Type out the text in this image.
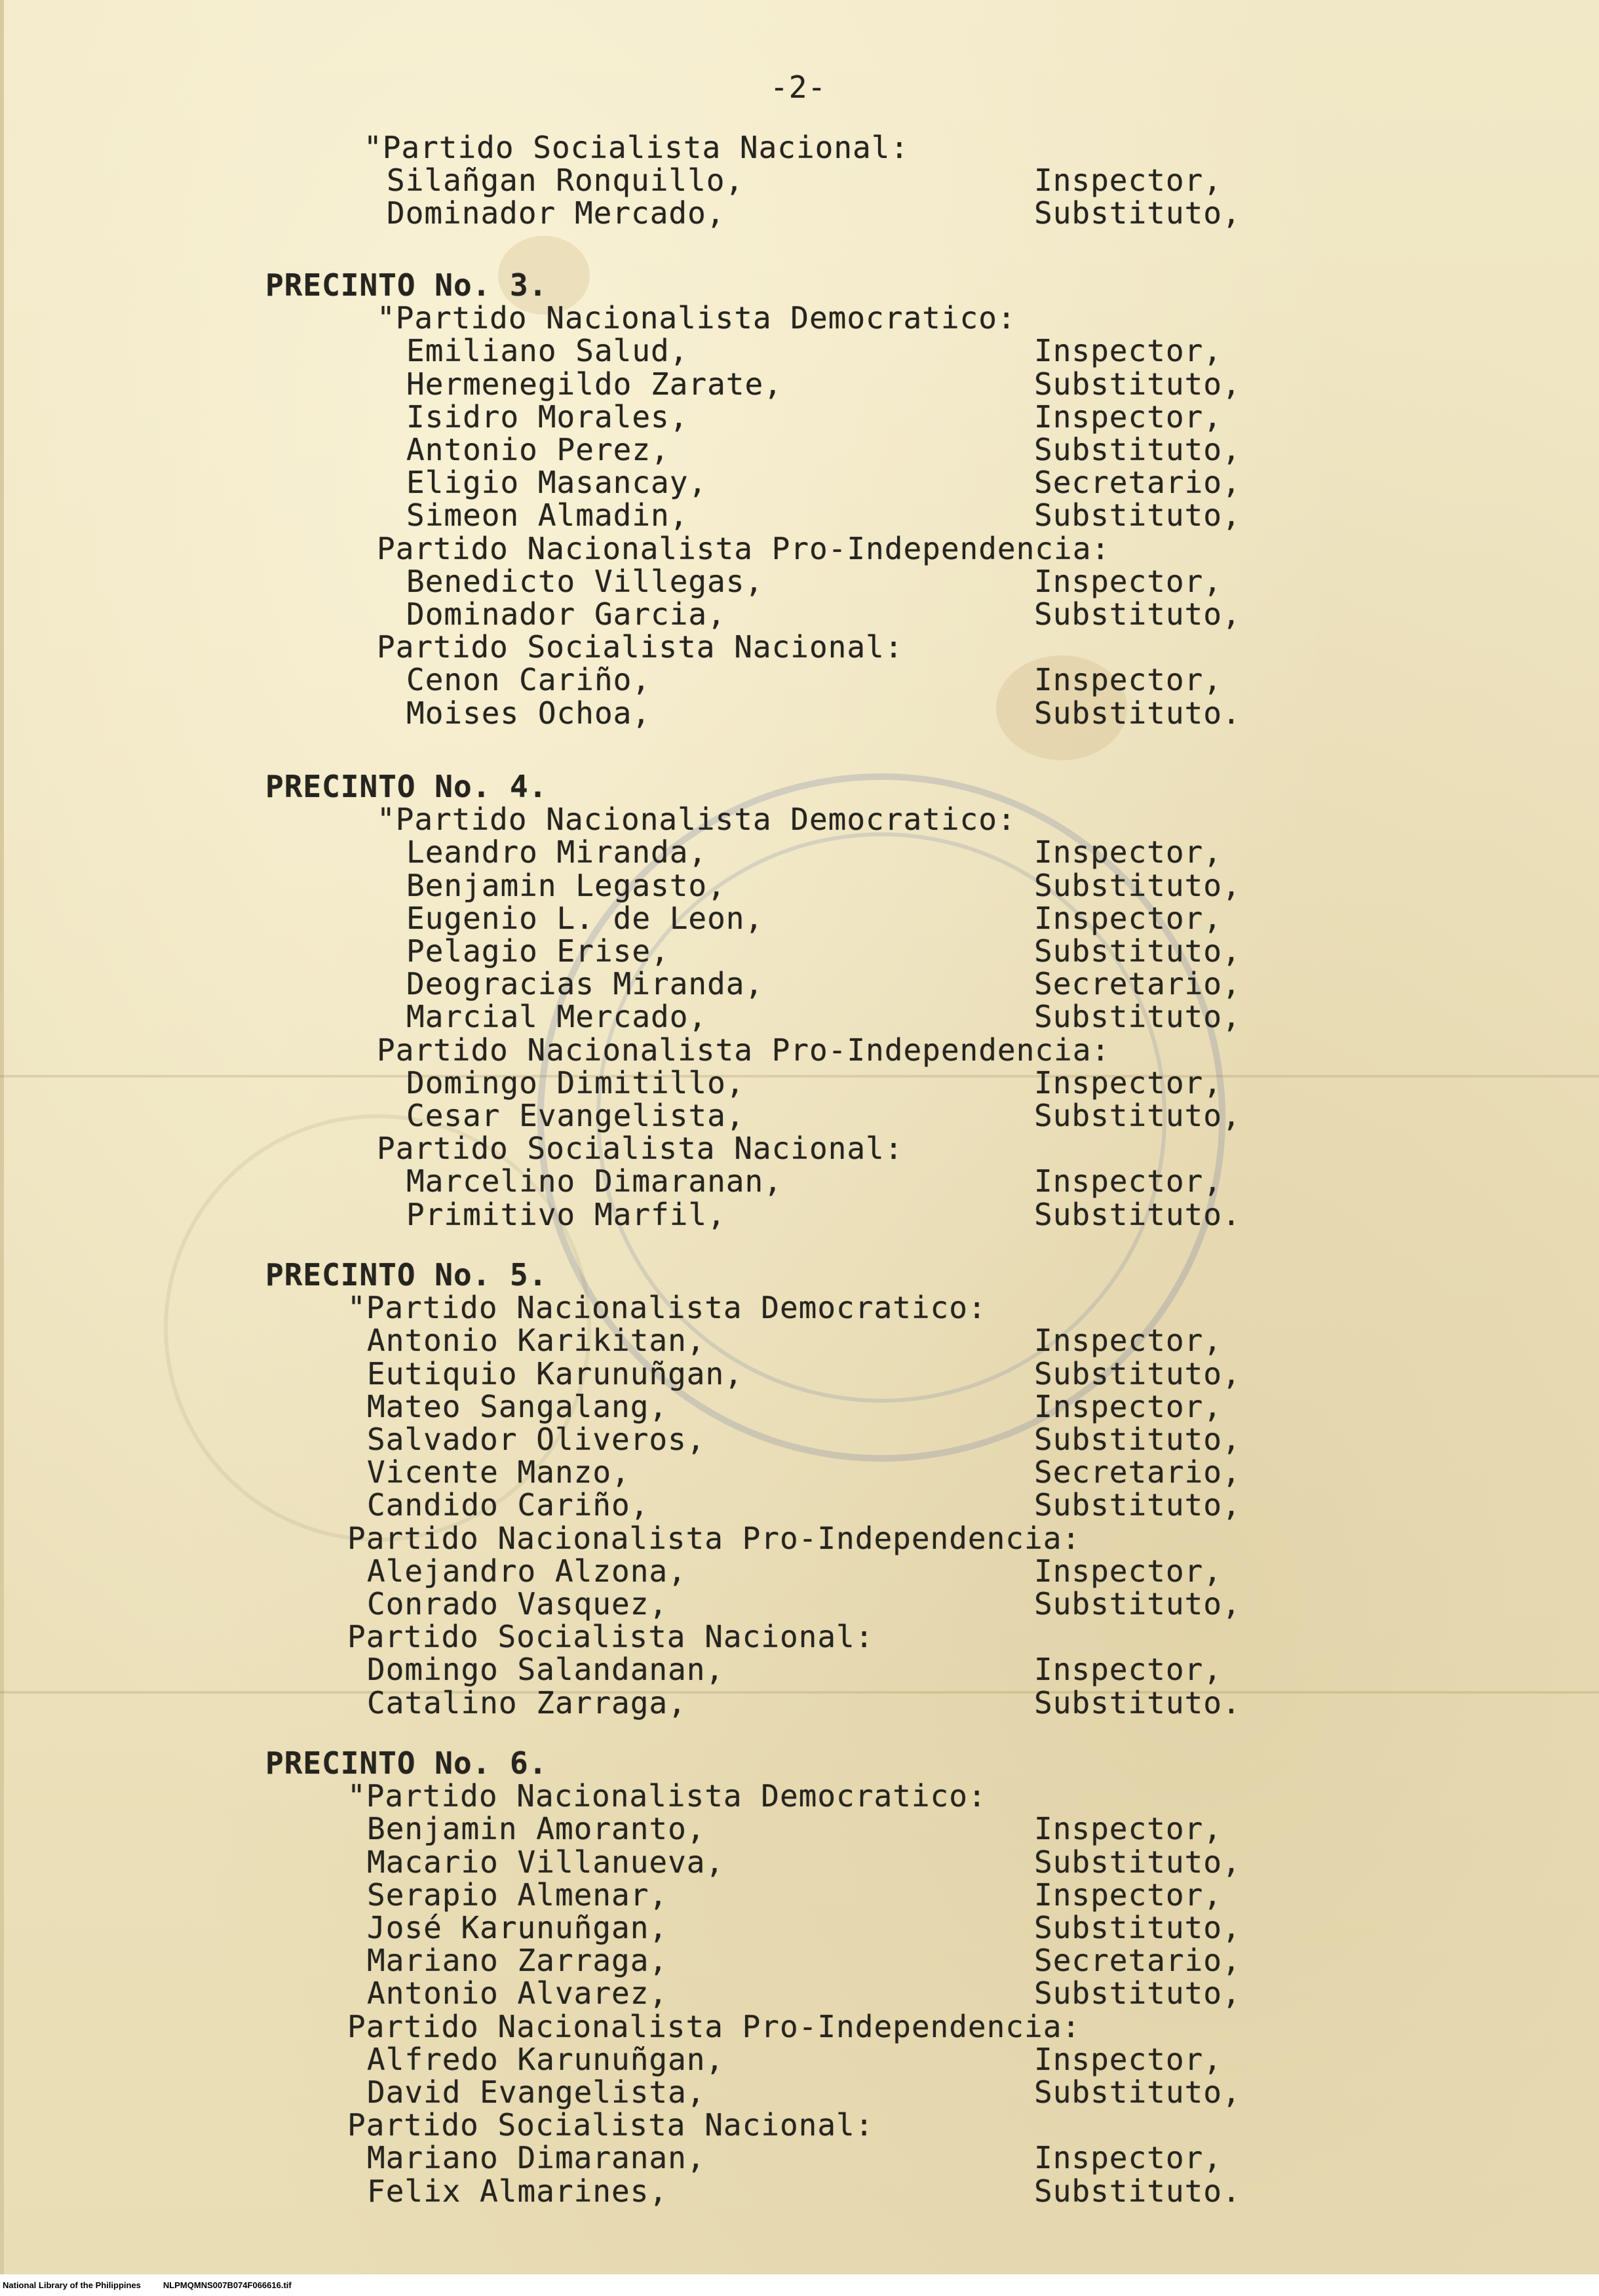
-2-
"Partido Socialista Nacional:
Silañgan Ronquillo,	Inspector,
Dominador Mercado,	Substituto,
PRECINTO No. 3.
"Partido Nacionalista Democratico:
Emiliano Salud,	Inspector,
Hermenegildo Zarate,	Substituto,
Isidro Morales,	Inspector,
Antonio Perez,	Substituto,
Eligio Masancay,	Secretario,
Simeon Almadin,	Substituto,
Partido Nacionalista Pro-Independencia:
Benedicto Villegas,	Inspector,
Dominador Garcia,	Substituto,
Partido Socialista Nacional:
Cenon Cariño,	Inspector,
Moises Ochoa,	Substituto.
PRECINTO No. 4.
"Partido Nacionalista Democratico:
Leandro Miranda,	Inspector,
Benjamin Legasto,	Substituto,
Eugenio L. de Leon,	Inspector,
Pelagio Erise,	Substituto,
Deogracias Miranda,	Secretario,
Marcial Mercado,	Substituto,
Partido Nacionalista Pro-Independencia:
Domingo Dimitillo,	Inspector,
Cesar Evangelista,	Substituto,
Partido Socialista Nacional:
Marcelino Dimaranan,	Inspector,
Primitivo Marfil,	Substituto.
PRECINTO No. 5.
"Partido Nacionalista Democratico:
Antonio Karikitan,	Inspector,
Eutiquio Karunuñgan,	Substituto,
Mateo Sangalang,	Inspector,
Salvador Oliveros,	Substituto,
Vicente Manzo,	Secretario,
Candido Cariño,	Substituto,
Partido Nacionalista Pro-Independencia:
Alejandro Alzona,	Inspector,
Conrado Vasquez,	Substituto,
Partido Socialista Nacional:
Domingo Salandanan,	Inspector,
Catalino Zarraga,	Substituto.
PRECINTO No. 6.
"Partido Nacionalista Democratico:
Benjamin Amoranto,	Inspector,
Macario Villanueva,	Substituto,
Serapio Almenar,	Inspector,
José Karunuñgan,	Substituto,
Mariano Zarraga,	Secretario,
Antonio Alvarez,	Substituto,
Partido Nacionalista Pro-Independencia:
Alfredo Karunuñgan,	Inspector,
David Evangelista,	Substituto,
Partido Socialista Nacional:
Mariano Dimaranan,	Inspector,
Felix Almarines,	Substituto.
National Library of the Philippines	NLPMQMNS007B074F066616.tif
